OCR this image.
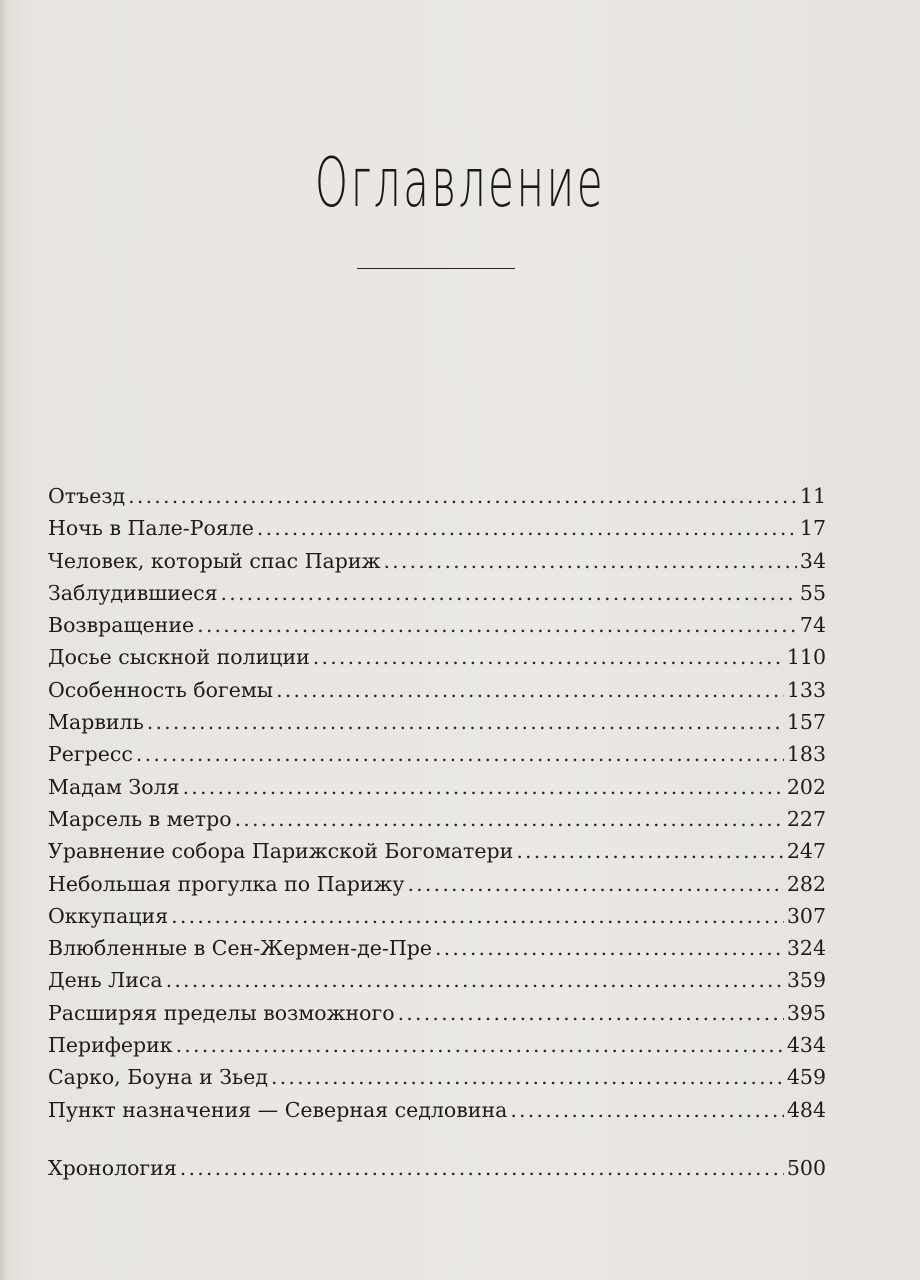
Оглавление
Отъезд .....	11
Ночь в Пале-Рояле .....	17
Человек, который спас Париж .....	34
Заблудившиеся .....	55
Возвращение .....	74
Досье сыскной полиции .....	110
Особенность богемы .....	133
Марвиль .....	157
Регресс .....	183
Мадам Золя .....	202
Марсель в метро .....	227
Уравнение собора Парижской Богоматери .....	247
Небольшая прогулка по Парижу .....	282
Оккупация .....	307
Влюбленные в Сен-Жермен-де-Пре .....	324
День Лиса .....	359
Расширяя пределы возможного .....	395
Периферик .....	434
Сарко, Боуна и Зьед .....	459
Пункт назначения — Северная седловина .....	484
Хронология .....	500
